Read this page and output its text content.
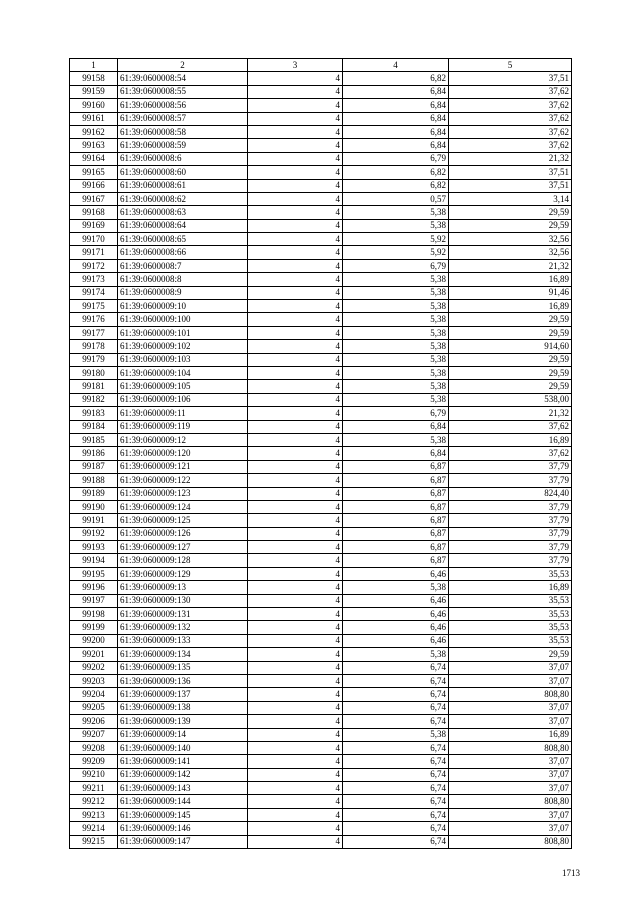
1	2	3	4	5
99158	61:39:0600008:54	4	6,82	37,51
99159	61:39:0600008:55	4	6,84	37,62
99160	61:39:0600008:56	4	6,84	37,62
99161	61:39:0600008:57	4	6,84	37,62
99162	61:39:0600008:58	4	6,84	37,62
99163	61:39:0600008:59	4	6,84	37,62
99164	61:39:0600008:6	4	6,79	21,32
99165	61:39:0600008:60	4	6,82	37,51
99166	61:39:0600008:61	4	6,82	37,51
99167	61:39:0600008:62	4	0,57	3,14
99168	61:39:0600008:63	4	5,38	29,59
99169	61:39:0600008:64	4	5,38	29,59
99170	61:39:0600008:65	4	5,92	32,56
99171	61:39:0600008:66	4	5,92	32,56
99172	61:39:0600008:7	4	6,79	21,32
99173	61:39:0600008:8	4	5,38	16,89
99174	61:39:0600008:9	4	5,38	91,46
99175	61:39:0600009:10	4	5,38	16,89
99176	61:39:0600009:100	4	5,38	29,59
99177	61:39:0600009:101	4	5,38	29,59
99178	61:39:0600009:102	4	5,38	914,60
99179	61:39:0600009:103	4	5,38	29,59
99180	61:39:0600009:104	4	5,38	29,59
99181	61:39:0600009:105	4	5,38	29,59
99182	61:39:0600009:106	4	5,38	538,00
99183	61:39:0600009:11	4	6,79	21,32
99184	61:39:0600009:119	4	6,84	37,62
99185	61:39:0600009:12	4	5,38	16,89
99186	61:39:0600009:120	4	6,84	37,62
99187	61:39:0600009:121	4	6,87	37,79
99188	61:39:0600009:122	4	6,87	37,79
99189	61:39:0600009:123	4	6,87	824,40
99190	61:39:0600009:124	4	6,87	37,79
99191	61:39:0600009:125	4	6,87	37,79
99192	61:39:0600009:126	4	6,87	37,79
99193	61:39:0600009:127	4	6,87	37,79
99194	61:39:0600009:128	4	6,87	37,79
99195	61:39:0600009:129	4	6,46	35,53
99196	61:39:0600009:13	4	5,38	16,89
99197	61:39:0600009:130	4	6,46	35,53
99198	61:39:0600009:131	4	6,46	35,53
99199	61:39:0600009:132	4	6,46	35,53
99200	61:39:0600009:133	4	6,46	35,53
99201	61:39:0600009:134	4	5,38	29,59
99202	61:39:0600009:135	4	6,74	37,07
99203	61:39:0600009:136	4	6,74	37,07
99204	61:39:0600009:137	4	6,74	808,80
99205	61:39:0600009:138	4	6,74	37,07
99206	61:39:0600009:139	4	6,74	37,07
99207	61:39:0600009:14	4	5,38	16,89
99208	61:39:0600009:140	4	6,74	808,80
99209	61:39:0600009:141	4	6,74	37,07
99210	61:39:0600009:142	4	6,74	37,07
99211	61:39:0600009:143	4	6,74	37,07
99212	61:39:0600009:144	4	6,74	808,80
99213	61:39:0600009:145	4	6,74	37,07
99214	61:39:0600009:146	4	6,74	37,07
99215	61:39:0600009:147	4	6,74	808,80
1713
